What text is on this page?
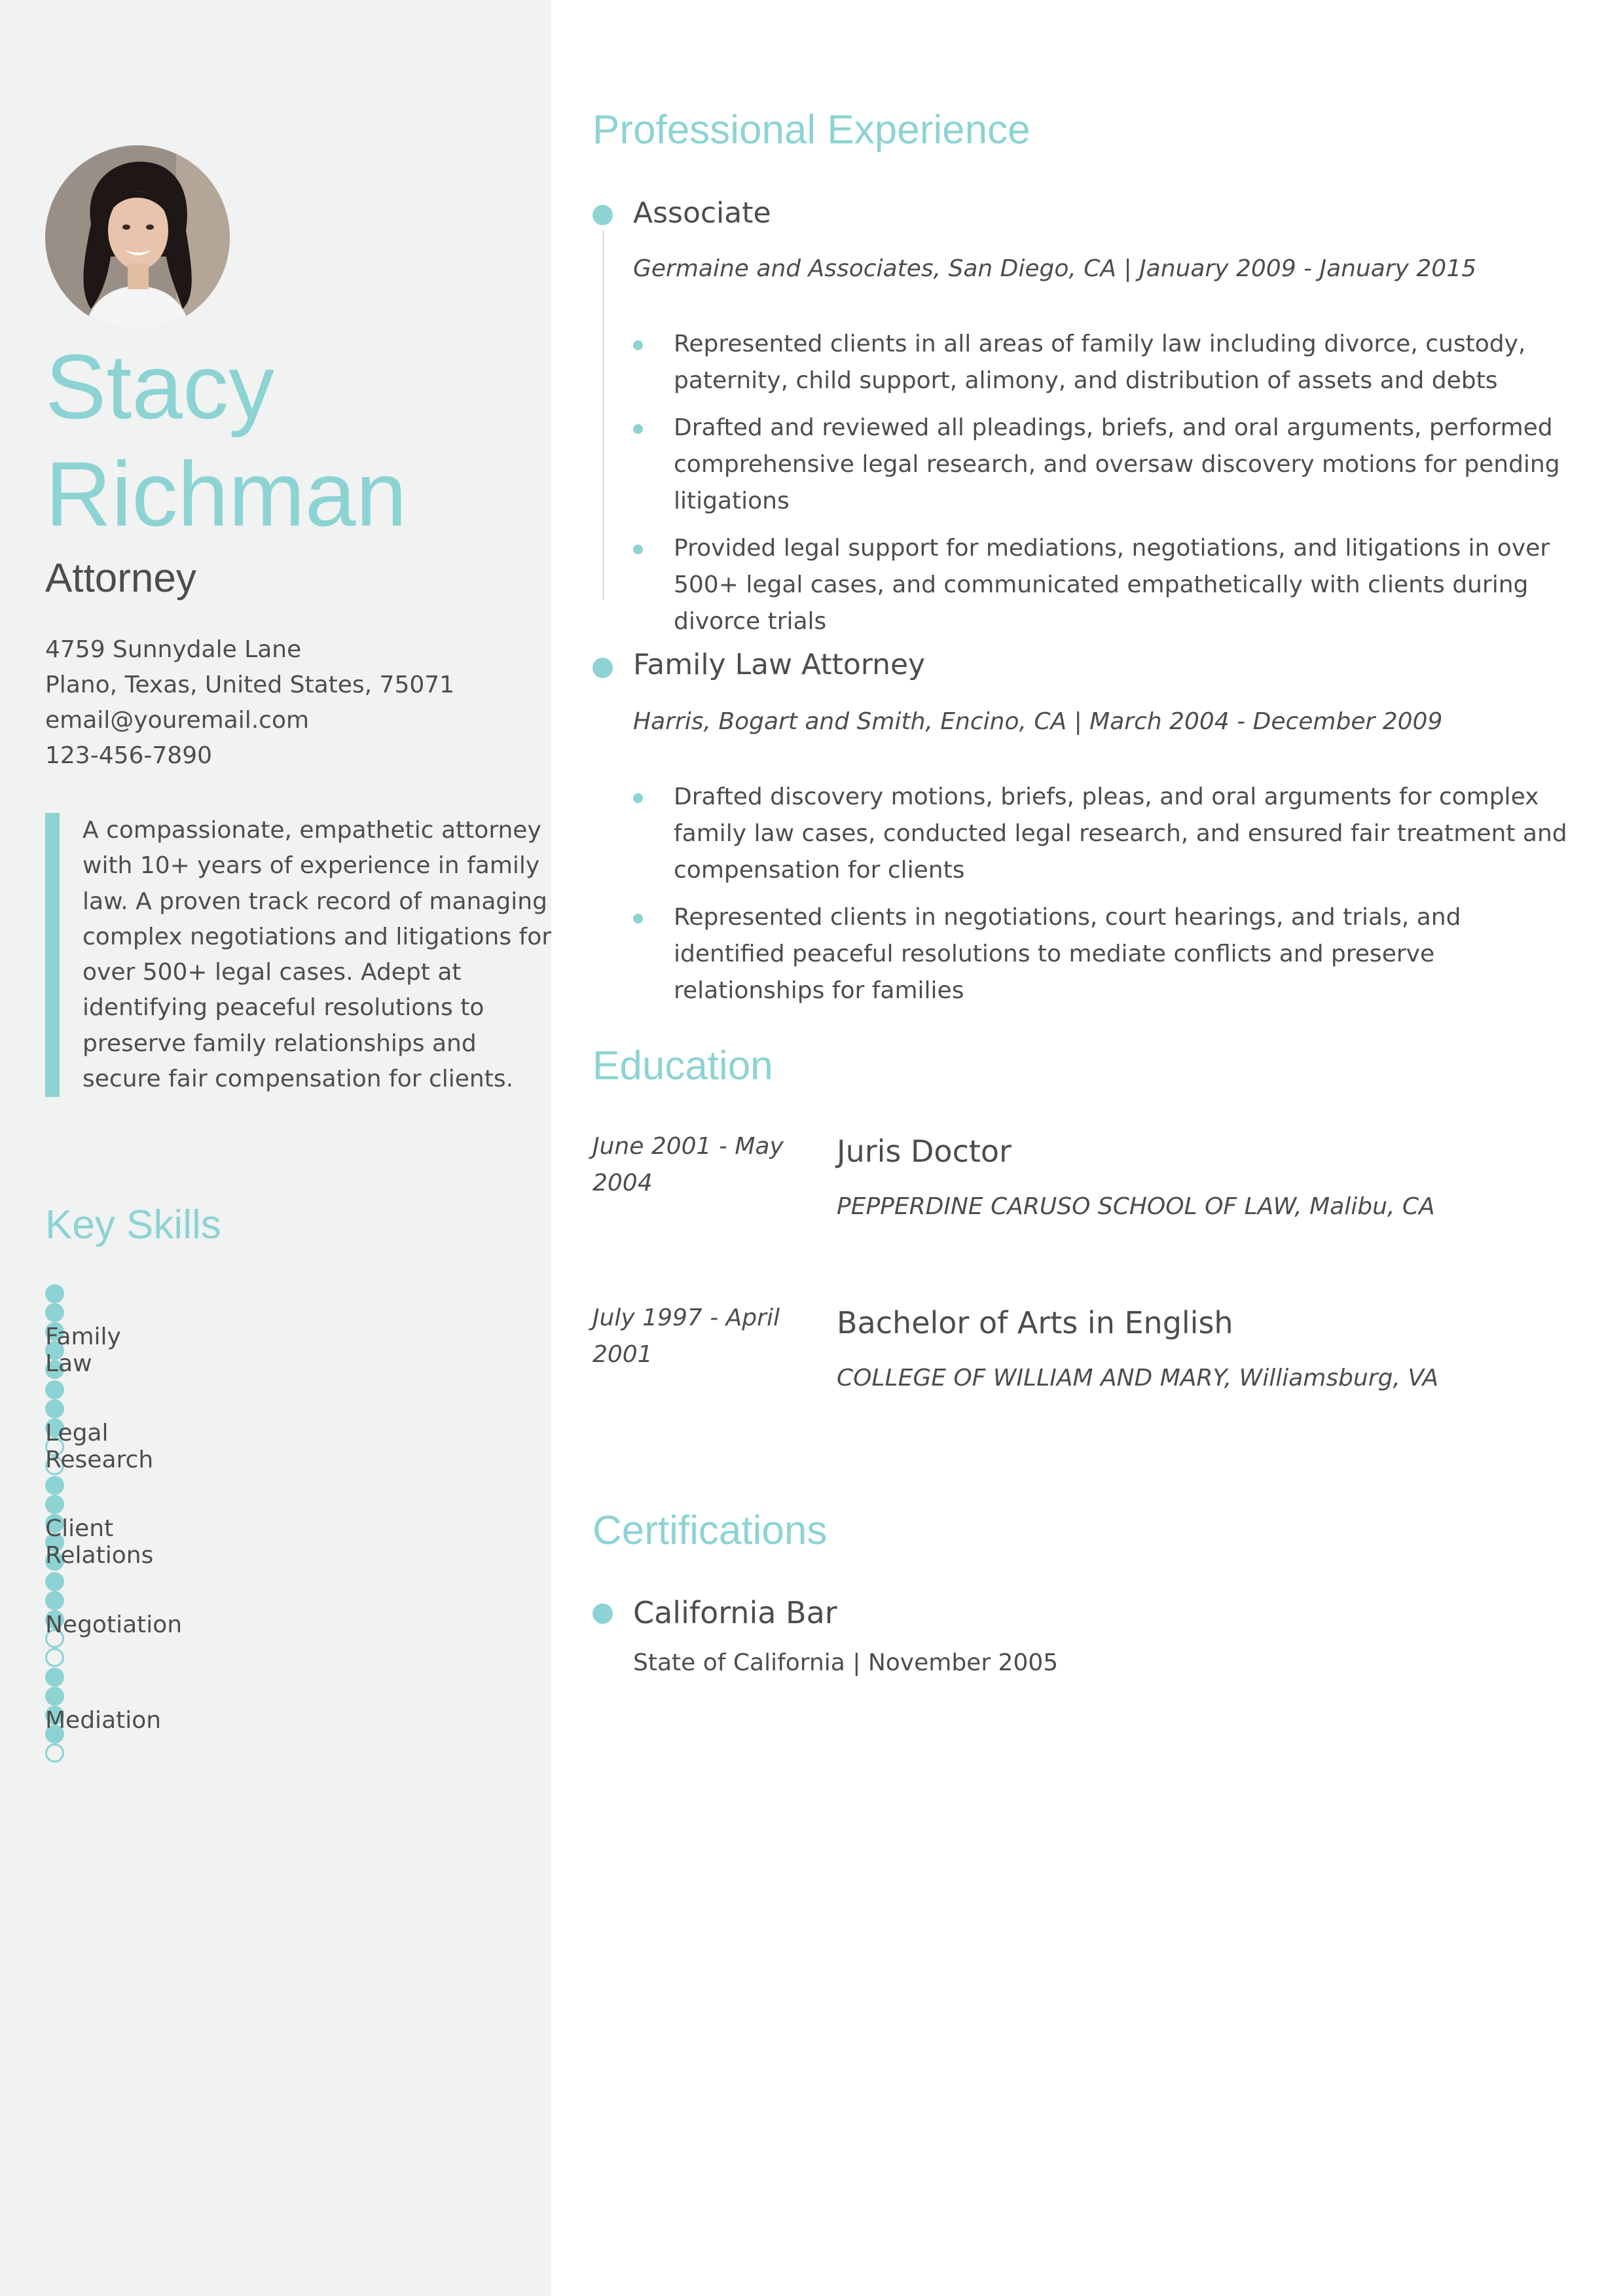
Stacy
Richman
Attorney
4759 Sunnydale Lane
Plano, Texas, United States, 75071
email@youremail.com
123-456-7890
A compassionate, empathetic attorney with 10+ years of experience in family law. A proven track record of managing complex negotiations and litigations for over 500+ legal cases. Adept at identifying peaceful resolutions to preserve family relationships and secure fair compensation for clients.
Key Skills
Family Law
Legal Research
Client Relations
Negotiation
Mediation
Professional Experience
Associate
Germaine and Associates, San Diego, CA | January 2009 - January 2015
Represented clients in all areas of family law including divorce, custody, paternity, child support, alimony, and distribution of assets and debts
Drafted and reviewed all pleadings, briefs, and oral arguments, performed comprehensive legal research, and oversaw discovery motions for pending litigations
Provided legal support for mediations, negotiations, and litigations in over 500+ legal cases, and communicated empathetically with clients during divorce trials
Family Law Attorney
Harris, Bogart and Smith, Encino, CA | March 2004 - December 2009
Drafted discovery motions, briefs, pleas, and oral arguments for complex family law cases, conducted legal research, and ensured fair treatment and compensation for clients
Represented clients in negotiations, court hearings, and trials, and identified peaceful resolutions to mediate conflicts and preserve relationships for families
Education
June 2001 - May 2004
Juris Doctor
PEPPERDINE CARUSO SCHOOL OF LAW, Malibu, CA
July 1997 - April 2001
Bachelor of Arts in English
COLLEGE OF WILLIAM AND MARY, Williamsburg, VA
Certifications
California Bar
State of California | November 2005
